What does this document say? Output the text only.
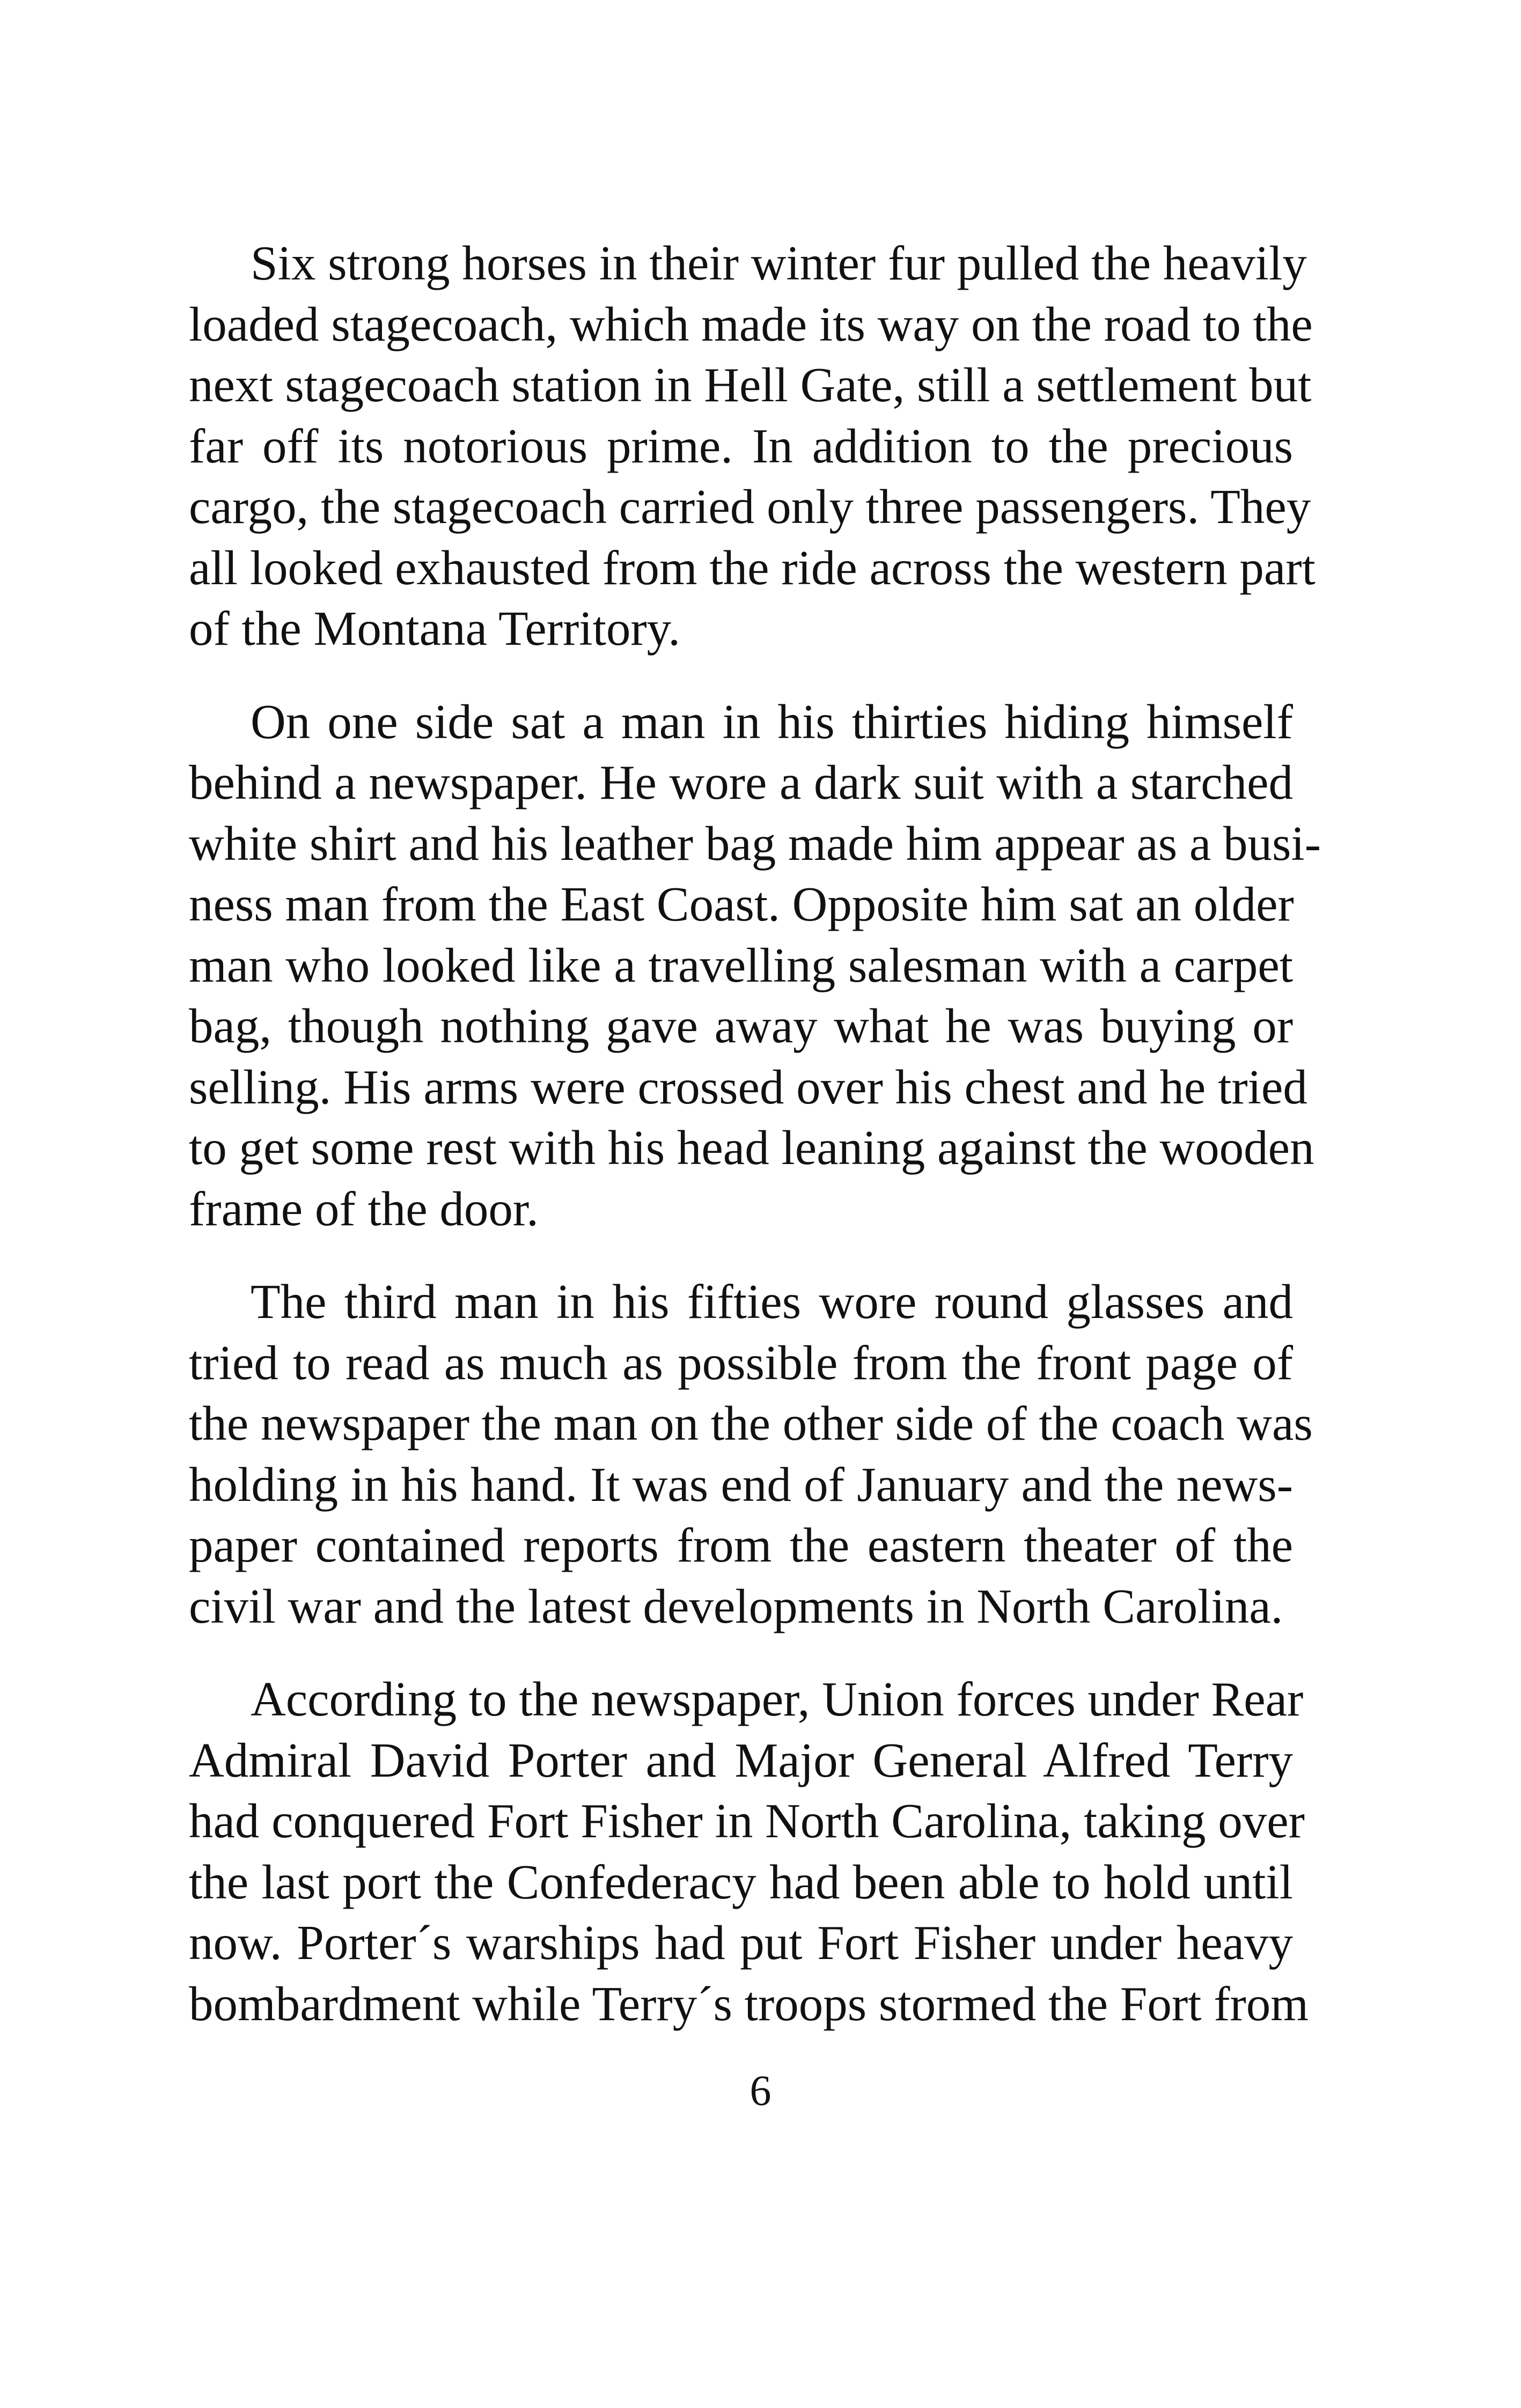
Six strong horses in their winter fur pulled the heavily
loaded stagecoach, which made its way on the road to the
next stagecoach station in Hell Gate, still a settlement but
far off its notorious prime. In addition to the precious
cargo, the stagecoach carried only three passengers. They
all looked exhausted from the ride across the western part
of the Montana Territory.
On one side sat a man in his thirties hiding himself
behind a newspaper. He wore a dark suit with a starched
white shirt and his leather bag made him appear as a busi-
ness man from the East Coast. Opposite him sat an older
man who looked like a travelling salesman with a carpet
bag, though nothing gave away what he was buying or
selling. His arms were crossed over his chest and he tried
to get some rest with his head leaning against the wooden
frame of the door.
The third man in his fifties wore round glasses and
tried to read as much as possible from the front page of
the newspaper the man on the other side of the coach was
holding in his hand. It was end of January and the news-
paper contained reports from the eastern theater of the
civil war and the latest developments in North Carolina.
According to the newspaper, Union forces under Rear
Admiral David Porter and Major General Alfred Terry
had conquered Fort Fisher in North Carolina, taking over
the last port the Confederacy had been able to hold until
now. Porter´s warships had put Fort Fisher under heavy
bombardment while Terry´s troops stormed the Fort from
6
